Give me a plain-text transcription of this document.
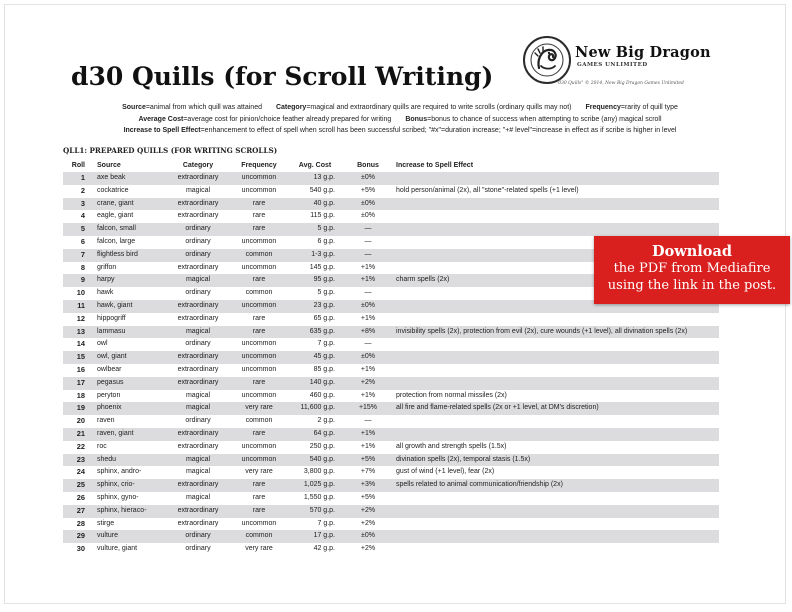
New Big Dragon
GAMES UNLIMITED
"d30 Quills" © 2014, New Big Dragon Games Unlimited
d30 Quills (for Scroll Writing)

Source=animal from which quill was attained Category=magical and extraordinary quills are required to write scrolls (ordinary quills may not) Frequency=rarity of quill type

Average Cost=average cost for pinion/choice feather already prepared for writing Bonus=bonus to chance of success when attempting to scribe (any) magical scroll

Increase to Spell Effect=enhancement to effect of spell when scroll has been successful scribed; "#x"=duration increase; "+# level"=increase in effect as if scribe is higher in level

QLL1: PREPARED QUILLS (FOR WRITING SCROLLS)
Roll Source	Category	Frequency	Avg. Cost	Bonus	Increase to Spell Effect
1 axe beak	extraordinary	uncommon	13 g.p.	±0%
2 cockatrice	magical	uncommon	540 g.p.	+5%	hold person/animal (2x), all "stone"-related spells (+1 level)
3 crane, giant	extraordinary	rare	40 g.p.	±0%
4 eagle, giant	extraordinary	rare	115 g.p.	±0%
5 falcon, small	ordinary	rare	5 g.p.	—
6 falcon, large	ordinary	uncommon	6 g.p.	—
7 flightless bird	ordinary	common	1-3 g.p.	—
8 griffon	extraordinary	uncommon	145 g.p.	+1%
9 harpy	magical	rare	95 g.p.	+1%	charm spells (2x)
10 hawk	ordinary	common	5 g.p.	—
11 hawk, giant	extraordinary	uncommon	23 g.p.	±0%
12 hippogriff	extraordinary	rare	65 g.p.	+1%
13 lammasu	magical	rare	635 g.p.	+8%	invisibility spells (2x), protection from evil (2x), cure wounds (+1 level), all divination spells (2x)
14 owl	ordinary	uncommon	7 g.p.	—
15 owl, giant	extraordinary	uncommon	45 g.p.	±0%
16 owlbear	extraordinary	uncommon	85 g.p.	+1%
17 pegasus	extraordinary	rare	140 g.p.	+2%
18 peryton	magical	uncommon	460 g.p.	+1%	protection from normal missiles (2x)
19 phoenix	magical	very rare	11,600 g.p.	+15%	all fire and flame-related spells (2x or +1 level, at DM's discretion)
20 raven	ordinary	common	2 g.p.	—
21 raven, giant	extraordinary	rare	64 g.p.	+1%
22 roc	extraordinary	uncommon	250 g.p.	+1%	all growth and strength spells (1.5x)
23 shedu	magical	uncommon	540 g.p.	+5%	divination spells (2x), temporal stasis (1.5x)
24 sphinx, andro-	magical	very rare	3,800 g.p.	+7%	gust of wind (+1 level), fear (2x)
25 sphinx, crio-	extraordinary	rare	1,025 g.p.	+3%	spells related to animal communication/friendship (2x)
26 sphinx, gyno-	magical	rare	1,550 g.p.	+5%
27 sphinx, hieraco-	extraordinary	rare	570 g.p.	+2%
28 stirge	extraordinary	uncommon	7 g.p.	+2%
29 vulture	ordinary	common	17 g.p.	±0%
30 vulture, giant	ordinary	very rare	42 g.p.	+2%
Download
the PDF from Mediafire
using the link in the post.
